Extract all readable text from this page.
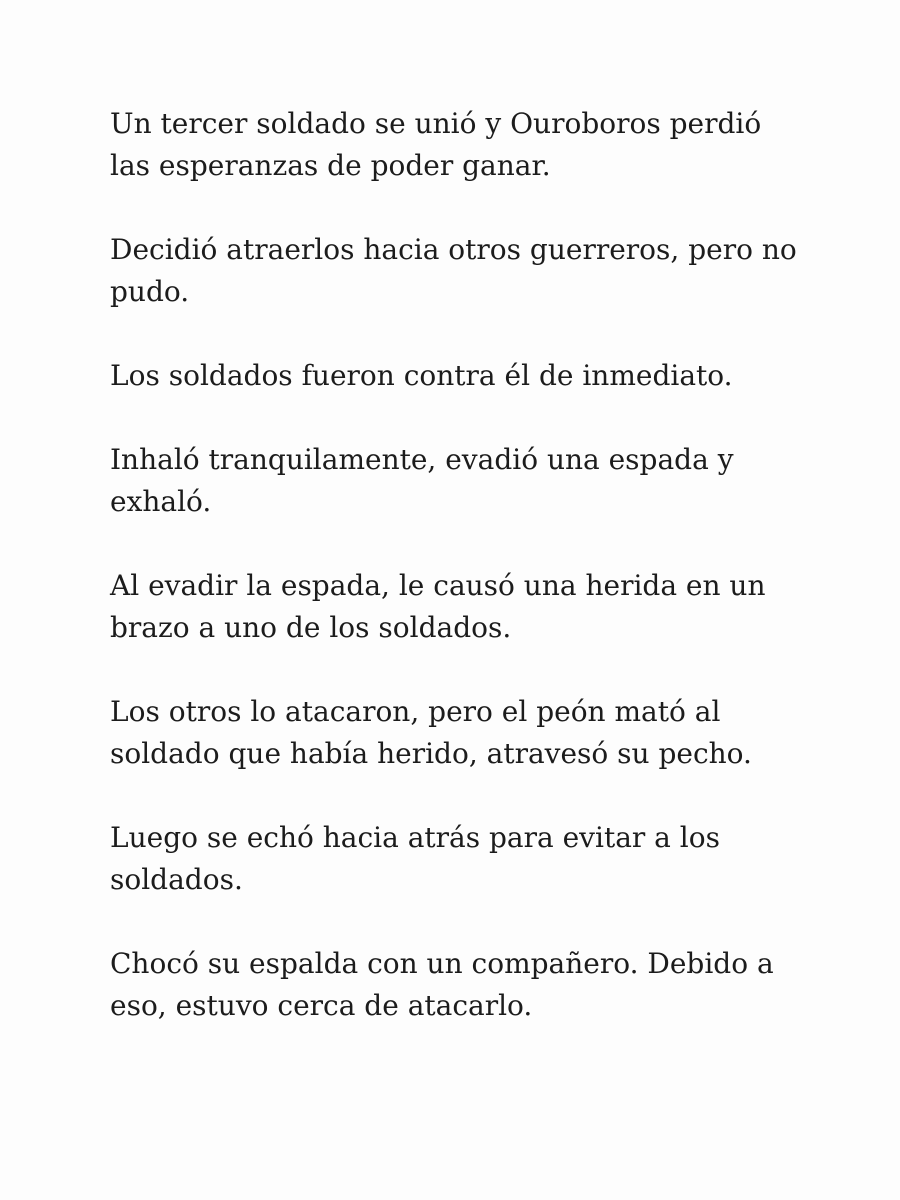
Un tercer soldado se unió y Ouroboros perdió las esperanzas de poder ganar.

Decidió atraerlos hacia otros guerreros, pero no pudo.

Los soldados fueron contra él de inmediato.

Inhaló tranquilamente, evadió una espada y exhaló.

Al evadir la espada, le causó una herida en un brazo a uno de los soldados.

Los otros lo atacaron, pero el peón mató al soldado que había herido, atravesó su pecho.

Luego se echó hacia atrás para evitar a los soldados.

Chocó su espalda con un compañero. Debido a eso, estuvo cerca de atacarlo.
